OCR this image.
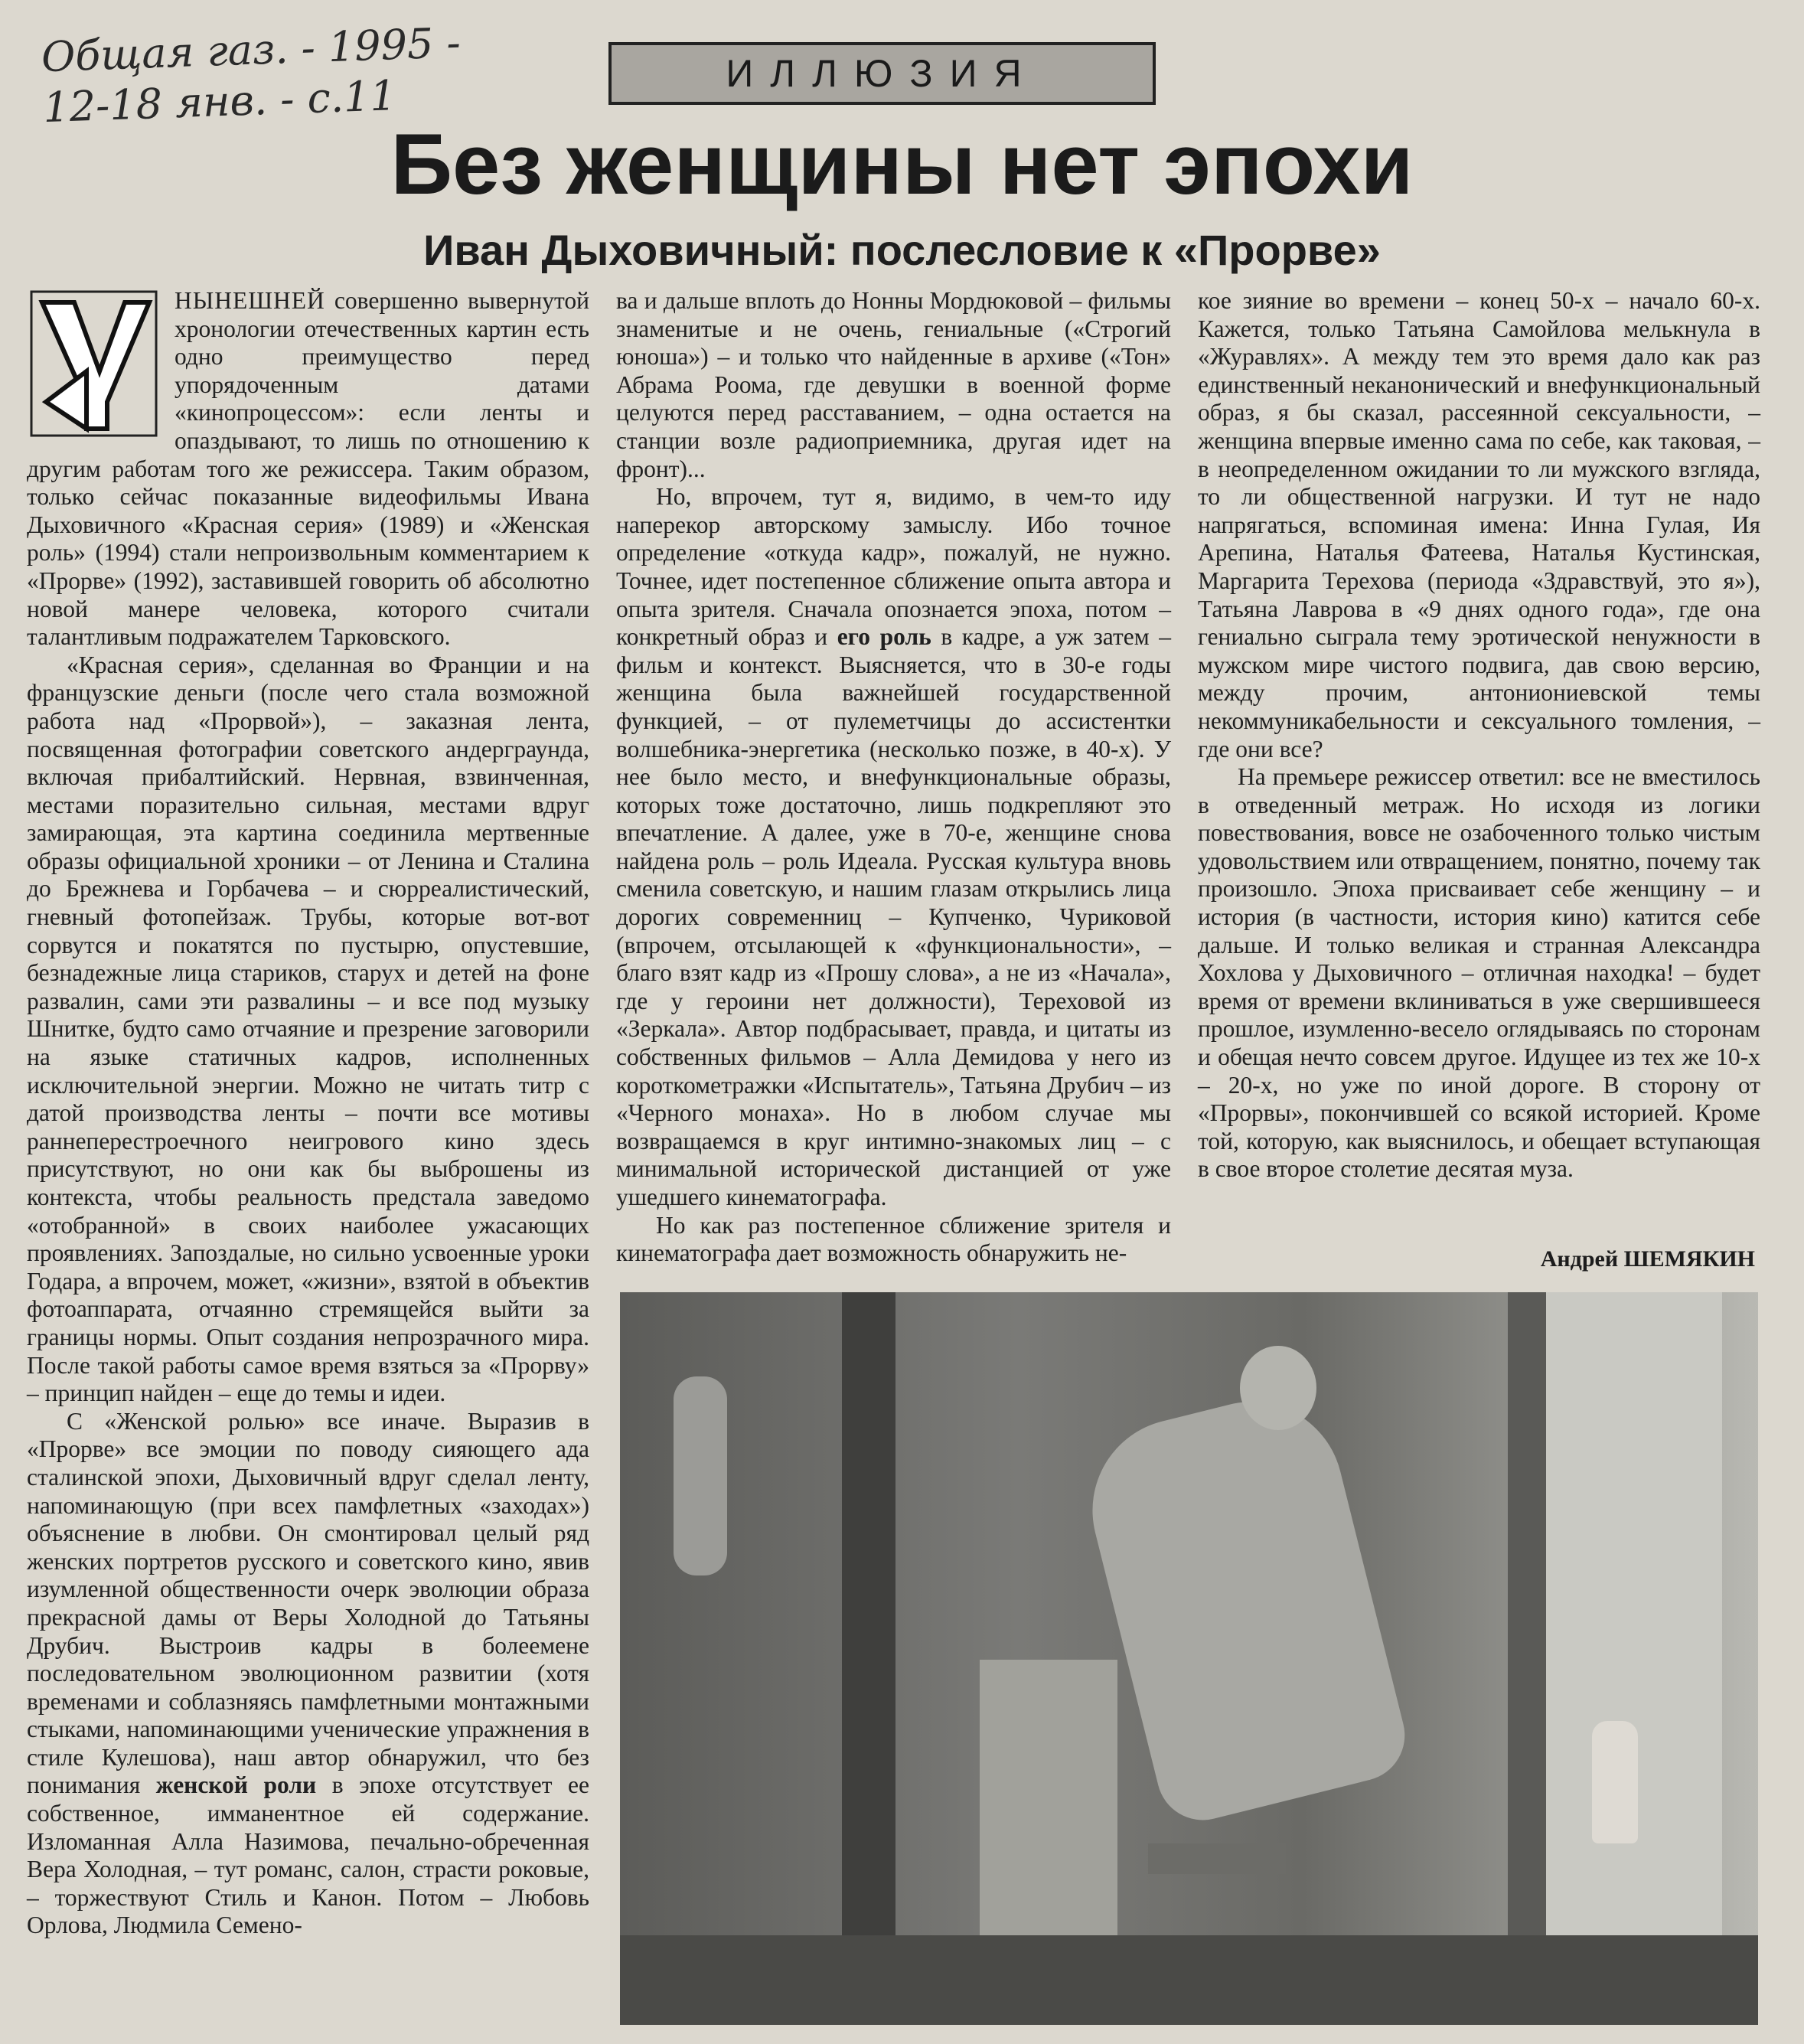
Общая газ. - 1995 -
12-18 янв. - с.11	ИЛЛЮЗИЯ
Без женщины нет эпохи
Иван Дыховичный: послесловие к «Прорве»

НЫНЕШНЕЙ совершенно вывернутой хронологии отечественных картин есть одно преимущество перед упорядоченным датами «кинопроцессом»: если ленты и опаздывают, то лишь по отношению к другим работам того же режиссера. Таким образом, только сейчас показанные видеофильмы Ивана Дыховичного «Красная серия» (1989) и «Женская роль» (1994) стали непроизвольным комментарием к «Прорве» (1992), заставившей говорить об абсолютно новой манере человека, которого считали талантливым подражателем Тарковского.

«Красная серия», сделанная во Франции и на французские деньги (после чего стала возможной работа над «Прорвой»), – заказная лента, посвященная фотографии советского андерграунда, включая прибалтийский. Нервная, взвинченная, местами поразительно сильная, местами вдруг замирающая, эта картина соединила мертвенные образы официальной хроники – от Ленина и Сталина до Брежнева и Горбачева – и сюрреалистический, гневный фотопейзаж. Трубы, которые вот-вот сорвутся и покатятся по пустырю, опустевшие, безнадежные лица стариков, старух и детей на фоне развалин, сами эти развалины – и все под музыку Шнитке, будто само отчаяние и презрение заговорили на языке статичных кадров, исполненных исключительной энергии. Можно не читать титр с датой производства ленты – почти все мотивы раннеперестроечного неигрового кино здесь присутствуют, но они как бы выброшены из контекста, чтобы реальность предстала заведомо «отобранной» в своих наиболее ужасающих проявлениях. Запоздалые, но сильно усвоенные уроки Годара, а впрочем, может, «жизни», взятой в объектив фотоаппарата, отчаянно стремящейся выйти за границы нормы. Опыт создания непрозрачного мира. После такой работы самое время взяться за «Прорву» – принцип найден – еще до темы и идеи.

С «Женской ролью» все иначе. Выразив в «Прорве» все эмоции по поводу сияющего ада сталинской эпохи, Дыховичный вдруг сделал ленту, напоминающую (при всех памфлетных «заходах») объяснение в любви. Он смонтировал целый ряд женских портретов русского и советского кино, явив изумленной общественности очерк эволюции образа прекрасной дамы от Веры Холодной до Татьяны Друбич. Выстроив кадры в болеемене последовательном эволюционном развитии (хотя временами и соблазняясь памфлетными монтажными стыками, напоминающими ученические упражнения в стиле Кулешова), наш автор обнаружил, что без понимания женской роли в эпохе отсутствует ее собственное, имманентное ей содержание. Изломанная Алла Назимова, печально-обреченная Вера Холодная, – тут романс, салон, страсти роковые, – торжествуют Стиль и Канон. Потом – Любовь Орлова, Людмила Семено-

ва и дальше вплоть до Нонны Мордюковой – фильмы знаменитые и не очень, гениальные («Строгий юноша») – и только что найденные в архиве («Тон» Абрама Роома, где девушки в военной форме целуются перед расставанием, – одна остается на станции возле радиоприемника, другая идет на фронт)...

Но, впрочем, тут я, видимо, в чем-то иду наперекор авторскому замыслу. Ибо точное определение «откуда кадр», пожалуй, не нужно. Точнее, идет постепенное сближение опыта автора и опыта зрителя. Сначала опознается эпоха, потом – конкретный образ и его роль в кадре, а уж затем – фильм и контекст. Выясняется, что в 30-е годы женщина была важнейшей государственной функцией, – от пулеметчицы до ассистентки волшебника-энергетика (несколько позже, в 40-х). У нее было место, и внефункциональные образы, которых тоже достаточно, лишь подкрепляют это впечатление. А далее, уже в 70-е, женщине снова найдена роль – роль Идеала. Русская культура вновь сменила советскую, и нашим глазам открылись лица дорогих современниц – Купченко, Чуриковой (впрочем, отсылающей к «функциональности», – благо взят кадр из «Прошу слова», а не из «Начала», где у героини нет должности), Тереховой из «Зеркала». Автор подбрасывает, правда, и цитаты из собственных фильмов – Алла Демидова у него из короткометражки «Испытатель», Татьяна Друбич – из «Черного монаха». Но в любом случае мы возвращаемся в круг интимно-знакомых лиц – с минимальной исторической дистанцией от уже ушедшего кинематографа.

Но как раз постепенное сближение зрителя и кинематографа дает возможность обнаружить не-

кое зияние во времени – конец 50-х – начало 60-х. Кажется, только Татьяна Самойлова мелькнула в «Журавлях». А между тем это время дало как раз единственный неканонический и внефункциональный образ, я бы сказал, рассеянной сексуальности, – женщина впервые именно сама по себе, как таковая, – в неопределенном ожидании то ли мужского взгляда, то ли общественной нагрузки. И тут не надо напрягаться, вспоминая имена: Инна Гулая, Ия Арепина, Наталья Фатеева, Наталья Кустинская, Маргарита Терехова (периода «Здравствуй, это я»), Татьяна Лаврова в «9 днях одного года», где она гениально сыграла тему эротической ненужности в мужском мире чистого подвига, дав свою версию, между прочим, антониониевской темы некоммуникабельности и сексуального томления, – где они все?

На премьере режиссер ответил: все не вместилось в отведенный метраж. Но исходя из логики повествования, вовсе не озабоченного только чистым удовольствием или отвращением, понятно, почему так произошло. Эпоха присваивает себе женщину – и история (в частности, история кино) катится себе дальше. И только великая и странная Александра Хохлова у Дыховичного – отличная находка! – будет время от времени вклиниваться в уже свершившееся прошлое, изумленно-весело оглядываясь по сторонам и обещая нечто совсем другое. Идущее из тех же 10-х – 20-х, но уже по иной дороге. В сторону от «Прорвы», покончившей со всякой историей. Кроме той, которую, как выяснилось, и обещает вступающая в свое второе столетие десятая муза.

Андрей ШЕМЯКИН
